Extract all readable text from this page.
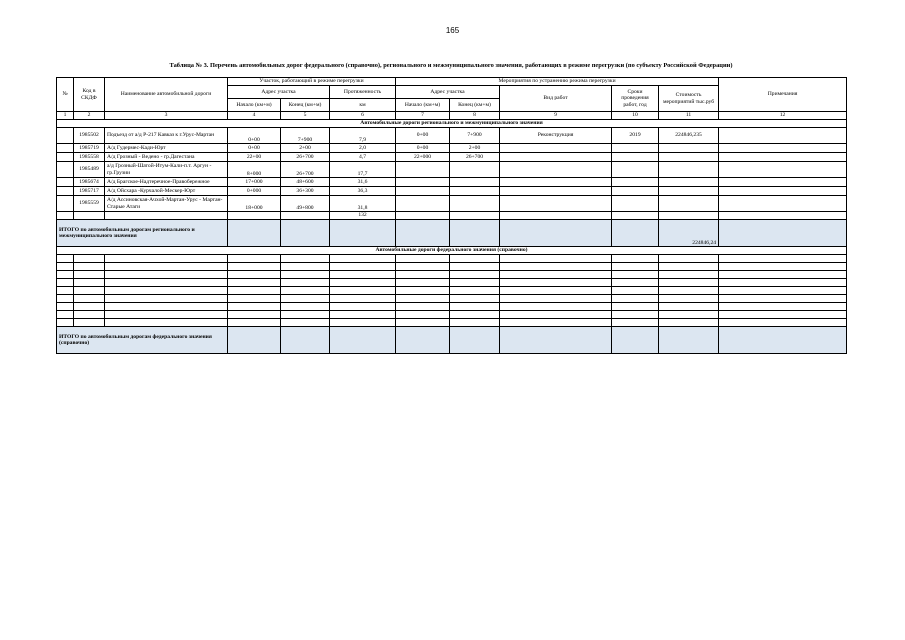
165
Таблица № 3. Перечень автомобильных дорог федерального (справочно), регионального и межмуниципального значения, работающих в режиме перегрузки (по субъекту Российской Федерации)
№	Код в СКДФ	Наименование автомобильной дороги	Участок, работающий в режиме перегрузки			Мероприятия по устранению режима перегрузки					Примечания
			Адрес участка		Протяженность	Адрес участка		Вид работ	Сроки проведения работ, год	Стоимость мероприятий тыс.руб	
			Начало (км+м)	Конец (км+м)	км	Начало (км+м)	Конец (км+м)				
1	2	3	4	5	6	7	8	9	10	11	12
Автомобильные дороги регионального и межмуниципального значения											
	1985502	Подъезд от а/д Р-217 Кавказ к г.Урус-Мартан	0+00	7+900	7,9	0+00	7+900	Реконструкция	2019	224846,235	
	1985719	А/д Гудермес-Кади-Юрт	0+00	2+00	2,0	0+00	2+00				
	1985558	А/д Грозный - Ведено - гр.Дагестана	22+00	26+700	4,7	22+000	26+700				
	1985489	а/д Грозный-Шатой-Итум-Кали-п.т. Аргун - гр.Грузии	8+000	26+700	17,7						
	1985674	А/д Брагское-Надтеречное-Правобережное	17+000	48+600	31,6						
	1985717	А/д Ойсхара -Курчалой-Мескер-Юрт	0+000	36+300	36,3						
	1985559	А/д Ассиновская-Ачхой-Мартан-Урус - Мартан-Старые Атаги	18+000	49+800	31,8						
					132						
ИТОГО по автомобильным дорогам регионального и межмуниципального значения										224846,24	
Автомобильные дороги федерального значения (справочно)											

ИТОГО по автомобильным дорогам федерального значения (справочно)											
